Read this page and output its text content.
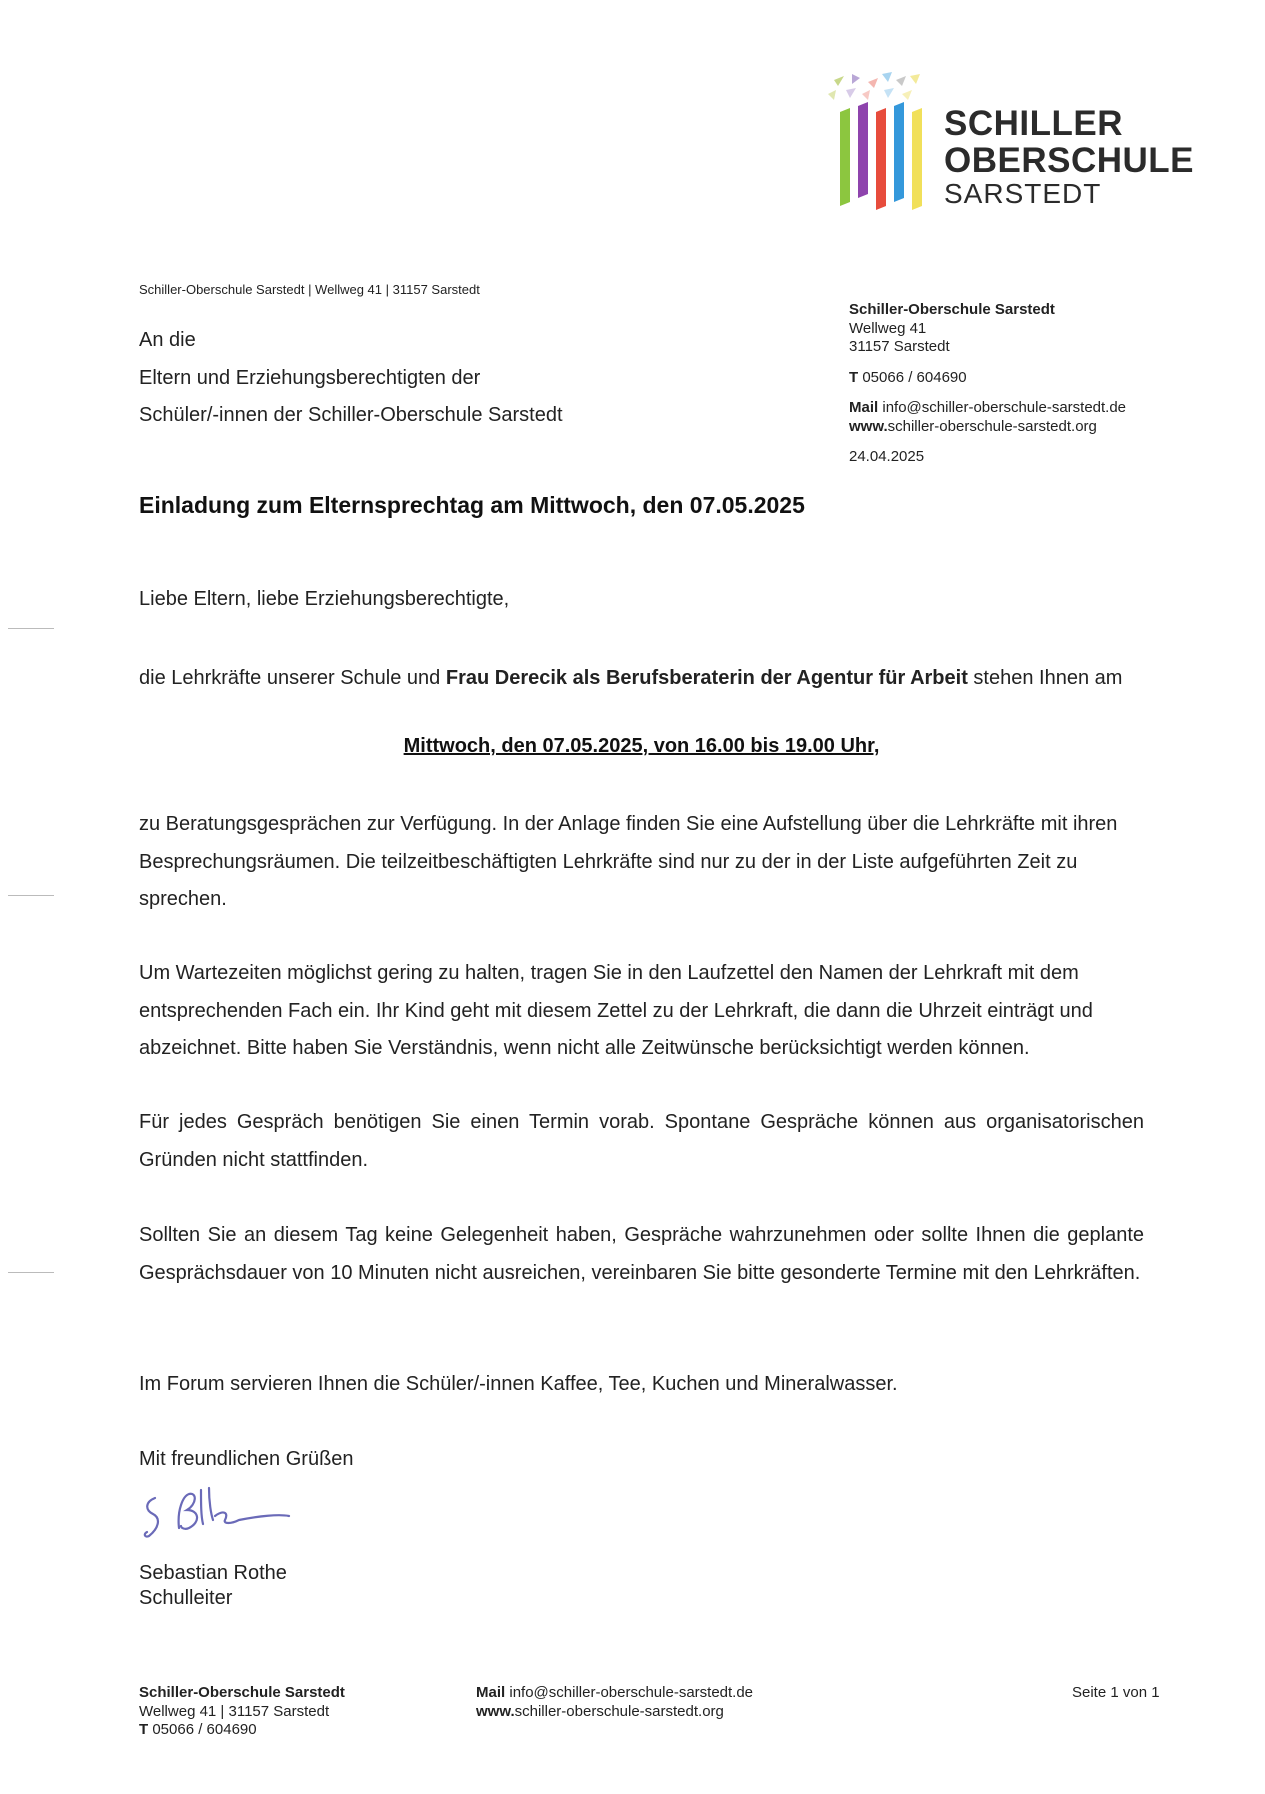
SCHILLER
OBERSCHULE
SARSTEDT
Schiller-Oberschule Sarstedt | Wellweg 41 | 31157 Sarstedt
An die
Eltern und Erziehungsberechtigten der
Schüler/-innen der Schiller-Oberschule Sarstedt
Schiller-Oberschule Sarstedt
Wellweg 41
31157 Sarstedt
T 05066 / 604690
Mail info@schiller-oberschule-sarstedt.de
www.schiller-oberschule-sarstedt.org
24.04.2025
Einladung zum Elternsprechtag am Mittwoch, den 07.05.2025
Liebe Eltern, liebe Erziehungsberechtigte,
die Lehrkräfte unserer Schule und Frau Derecik als Berufsberaterin der Agentur für Arbeit stehen Ihnen am
Mittwoch, den 07.05.2025, von 16.00 bis 19.00 Uhr,
zu Beratungsgesprächen zur Verfügung. In der Anlage finden Sie eine Aufstellung über die Lehrkräfte mit ihren Besprechungsräumen. Die teilzeitbeschäftigten Lehrkräfte sind nur zu der in der Liste aufgeführten Zeit zu sprechen.
Um Wartezeiten möglichst gering zu halten, tragen Sie in den Laufzettel den Namen der Lehrkraft mit dem entsprechenden Fach ein. Ihr Kind geht mit diesem Zettel zu der Lehrkraft, die dann die Uhrzeit einträgt und abzeichnet. Bitte haben Sie Verständnis, wenn nicht alle Zeitwünsche berücksichtigt werden können.
Für jedes Gespräch benötigen Sie einen Termin vorab. Spontane Gespräche können aus organisatorischen Gründen nicht stattfinden.
Sollten Sie an diesem Tag keine Gelegenheit haben, Gespräche wahrzunehmen oder sollte Ihnen die geplante Gesprächsdauer von 10 Minuten nicht ausreichen, vereinbaren Sie bitte gesonderte Termine mit den Lehrkräften.
Im Forum servieren Ihnen die Schüler/-innen Kaffee, Tee, Kuchen und Mineralwasser.
Mit freundlichen Grüßen
Sebastian Rothe
Schulleiter
Schiller-Oberschule Sarstedt
Wellweg 41 | 31157 Sarstedt
T 05066 / 604690
Mail info@schiller-oberschule-sarstedt.de
www.schiller-oberschule-sarstedt.org
Seite 1 von 1
